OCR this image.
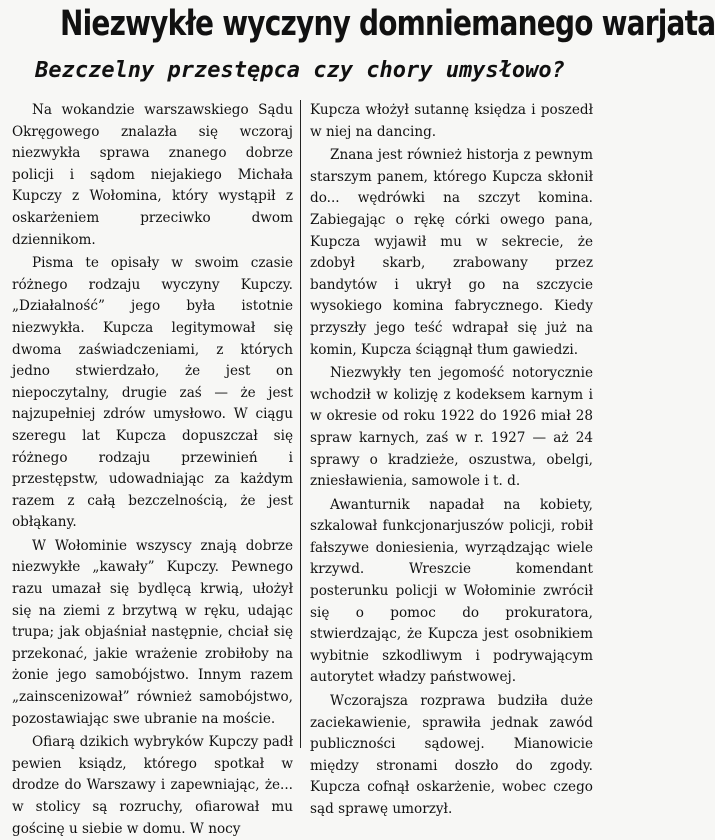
Niezwykłe wyczyny domniemanego warjata
Bezczelny przestępca czy chory umysłowo?

Na wokandzie warszawskiego Sądu Okręgowego znalazła się wczoraj niezwykła sprawa znanego dobrze policji i sądom niejakiego Michała Kupczy z Wołomina, który wystąpił z oskarżeniem przeciwko dwom dziennikom.

Pisma te opisały w swoim czasie różnego rodzaju wyczyny Kupczy. „Działalność” jego była istotnie niezwykła. Kupcza legitymował się dwoma zaświadczeniami, z których jedno stwierdzało, że jest on niepoczytalny, drugie zaś — że jest najzupełniej zdrów umysłowo. W ciągu szeregu lat Kupcza dopuszczał się różnego rodzaju przewinień i przestępstw, udowadniając za każdym razem z całą bezczelnością, że jest obłąkany.

W Wołominie wszyscy znają dobrze niezwykłe „kawały” Kupczy. Pewnego razu umazał się bydlęcą krwią, ułożył się na ziemi z brzytwą w ręku, udając trupa; jak objaśniał następnie, chciał się przekonać, jakie wrażenie zrobiłoby na żonie jego samobójstwo. Innym razem „zainscenizował” również samobójstwo, pozostawiając swe ubranie na moście.

Ofiarą dzikich wybryków Kupczy padł pewien ksiądz, którego spotkał w drodze do Warszawy i zapewniając, że... w stolicy są rozruchy, ofiarował mu gościnę u siebie w domu. W nocy

Kupcza włożył sutannę księdza i poszedł w niej na dancing.

Znana jest również historja z pewnym starszym panem, którego Kupcza skłonił do... wędrówki na szczyt komina. Zabiegając o rękę córki owego pana, Kupcza wyjawił mu w sekrecie, że zdobył skarb, zrabowany przez bandytów i ukrył go na szczycie wysokiego komina fabrycznego. Kiedy przyszły jego teść wdrapał się już na komin, Kupcza ściągnął tłum gawiedzi.

Niezwykły ten jegomość notorycznie wchodził w kolizję z kodeksem karnym i w okresie od roku 1922 do 1926 miał 28 spraw karnych, zaś w r. 1927 — aż 24 sprawy o kradzieże, oszustwa, obelgi, zniesławienia, samowole i t. d.

Awanturnik napadał na kobiety, szkalował funkcjonarjuszów policji, robił fałszywe doniesienia, wyrządzając wiele krzywd. Wreszcie komendant posterunku policji w Wołominie zwrócił się o pomoc do prokuratora, stwierdzając, że Kupcza jest osobnikiem wybitnie szkodliwym i podrywającym autorytet władzy państwowej.

Wczorajsza rozprawa budziła duże zaciekawienie, sprawiła jednak zawód publiczności sądowej. Mianowicie między stronami doszło do zgody. Kupcza cofnął oskarżenie, wobec czego sąd sprawę umorzył.
